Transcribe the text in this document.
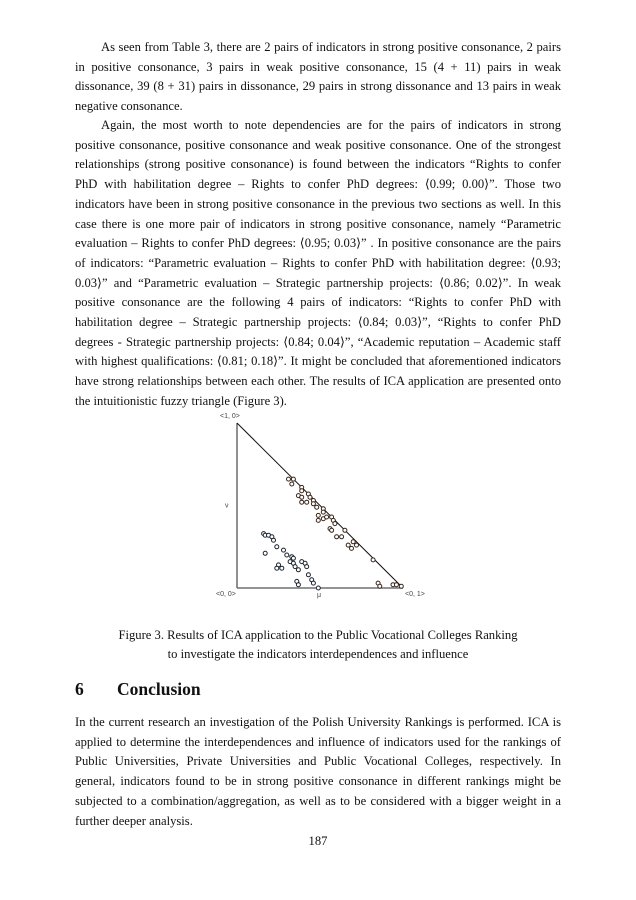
As seen from Table 3, there are 2 pairs of indicators in strong positive consonance, 2 pairs in positive consonance, 3 pairs in weak positive consonance, 15 (4 + 11) pairs in weak dissonance, 39 (8 + 31) pairs in dissonance, 29 pairs in strong dissonance and 13 pairs in weak negative consonance.

Again, the most worth to note dependencies are for the pairs of indicators in strong positive consonance, positive consonance and weak positive consonance. One of the strongest relationships (strong positive consonance) is found between the indicators “Rights to confer PhD with habilitation degree – Rights to confer PhD degrees: ⟨0.99; 0.00⟩”. Those two indicators have been in strong positive consonance in the previous two sections as well. In this case there is one more pair of indicators in strong positive consonance, namely “Parametric evaluation – Rights to confer PhD degrees: ⟨0.95; 0.03⟩” . In positive consonance are the pairs of indicators: “Parametric evaluation – Rights to confer PhD with habilitation degree: ⟨0.93; 0.03⟩” and “Parametric evaluation – Strategic partnership projects: ⟨0.86; 0.02⟩”. In weak positive consonance are the following 4 pairs of indicators: “Rights to confer PhD with habilitation degree – Strategic partnership projects: ⟨0.84; 0.03⟩”, “Rights to confer PhD degrees - Strategic partnership projects: ⟨0.84; 0.04⟩”, “Academic reputation – Academic staff with highest qualifications: ⟨0.81; 0.18⟩”. It might be concluded that aforementioned indicators have strong relationships between each other. The results of ICA application are presented onto the intuitionistic fuzzy triangle (Figure 3).

<1, 0>
<0, 0>	<0, 1>
μ
ν

Figure 3. Results of ICA application to the Public Vocational Colleges Ranking
to investigate the indicators interdependences and influence

6 Conclusion

In the current research an investigation of the Polish University Rankings is performed. ICA is applied to determine the interdependences and influence of indicators used for the rankings of Public Universities, Private Universities and Public Vocational Colleges, respectively. In general, indicators found to be in strong positive consonance in different rankings might be subjected to a combination/aggregation, as well as to be considered with a bigger weight in a further deeper analysis.

187
